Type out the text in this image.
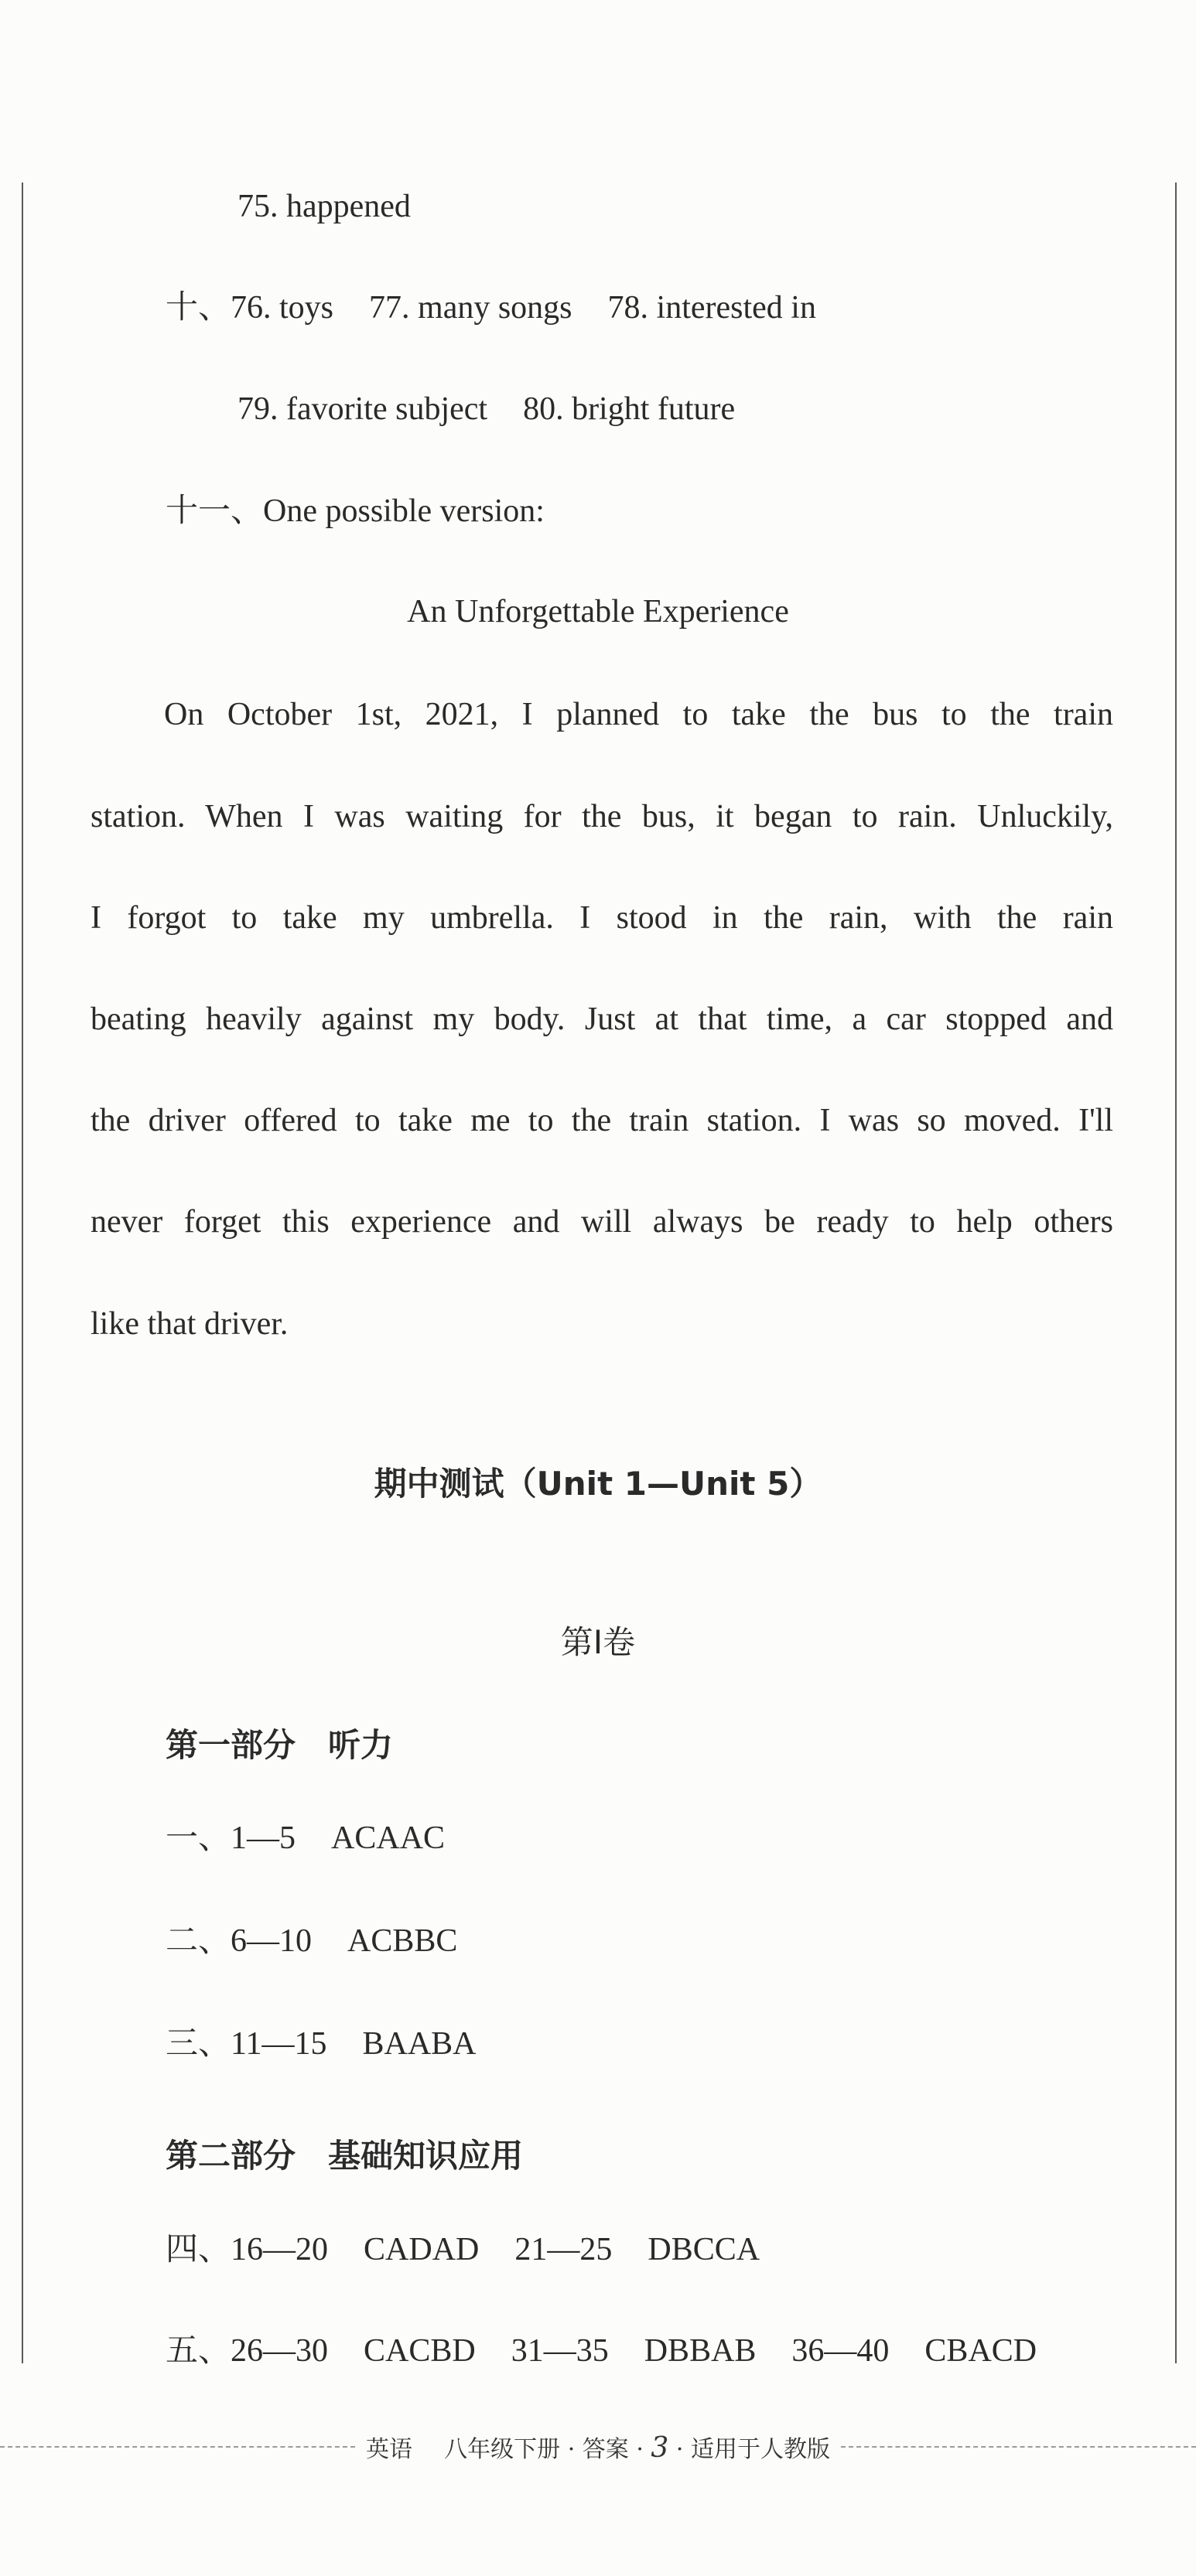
75. happened
十、76. toys 77. many songs 78. interested in
79. favorite subject 80. bright future
十一、One possible version:
An Unforgettable Experience
On October 1st, 2021, I planned to take the bus to the train
station. When I was waiting for the bus, it began to rain. Unluckily,
I forgot to take my umbrella. I stood in the rain, with the rain
beating heavily against my body. Just at that time, a car stopped and
the driver offered to take me to the train station. I was so moved. I'll
never forget this experience and will always be ready to help others
like that driver.
期中测试（Unit 1—Unit 5）
第Ⅰ卷
第一部分　听力
一、1—5 ACAAC
二、6—10 ACBBC
三、11—15 BAABA
第二部分　基础知识应用
四、16—20 CADAD 21—25 DBCCA
五、26—30 CACBD 31—35 DBBAB 36—40 CBACD
英语 八年级下册 · 答案 · 3 · 适用于人教版
